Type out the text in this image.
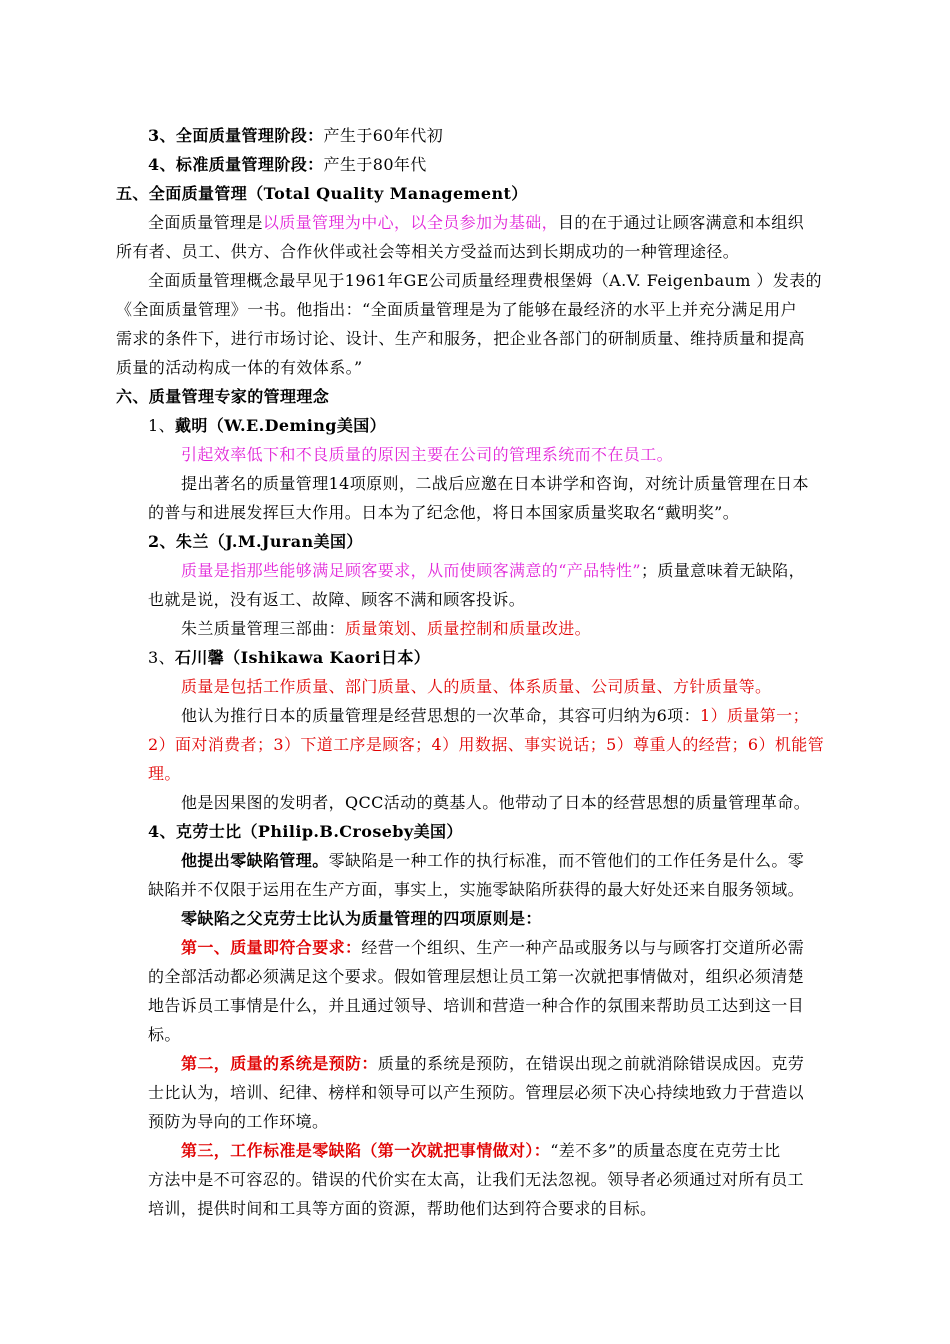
3、全面质量管理阶段：产生于60年代初
4、标准质量管理阶段：产生于80年代
五、全面质量管理（Total Quality Management）
全面质量管理是以质量管理为中心，以全员参加为基础，目的在于通过让顾客满意和本组织
所有者、员工、供方、合作伙伴或社会等相关方受益而达到长期成功的一种管理途径。
全面质量管理概念最早见于1961年GE公司质量经理费根堡姆（A.V. Feigenbaum ）发表的
《全面质量管理》一书。他指出：“全面质量管理是为了能够在最经济的水平上并充分满足用户
需求的条件下，进行市场讨论、设计、生产和服务，把企业各部门的研制质量、维持质量和提高
质量的活动构成一体的有效体系。”
六、质量管理专家的管理理念
1、戴明（W.E.Deming美国）
引起效率低下和不良质量的原因主要在公司的管理系统而不在员工。
提出著名的质量管理14项原则，二战后应邀在日本讲学和咨询，对统计质量管理在日本
的普与和进展发挥巨大作用。日本为了纪念他，将日本国家质量奖取名“戴明奖”。
2、朱兰（J.M.Juran美国）
质量是指那些能够满足顾客要求，从而使顾客满意的“产品特性”；质量意味着无缺陷，
也就是说，没有返工、故障、顾客不满和顾客投诉。
朱兰质量管理三部曲：质量策划、质量控制和质量改进。
3、石川馨（Ishikawa Kaori日本）
质量是包括工作质量、部门质量、人的质量、体系质量、公司质量、方针质量等。
他认为推行日本的质量管理是经营思想的一次革命，其容可归纳为6项：1）质量第一；
2）面对消费者；3）下道工序是顾客；4）用数据、事实说话；5）尊重人的经营；6）机能管
理。
他是因果图的发明者，QCC活动的奠基人。他带动了日本的经营思想的质量管理革命。
4、克劳士比（Philip.B.Croseby美国）
他提出零缺陷管理。零缺陷是一种工作的执行标准，而不管他们的工作任务是什么。零
缺陷并不仅限于运用在生产方面，事实上，实施零缺陷所获得的最大好处还来自服务领域。
零缺陷之父克劳士比认为质量管理的四项原则是：
第一、质量即符合要求：经营一个组织、生产一种产品或服务以与与顾客打交道所必需
的全部活动都必须满足这个要求。假如管理层想让员工第一次就把事情做对，组织必须清楚
地告诉员工事情是什么，并且通过领导、培训和营造一种合作的氛围来帮助员工达到这一目
标。
第二，质量的系统是预防：质量的系统是预防，在错误出现之前就消除错误成因。克劳
士比认为，培训、纪律、榜样和领导可以产生预防。管理层必须下决心持续地致力于营造以
预防为导向的工作环境。
第三，工作标准是零缺陷（第一次就把事情做对）：“差不多”的质量态度在克劳士比
方法中是不可容忍的。错误的代价实在太高，让我们无法忽视。领导者必须通过对所有员工
培训，提供时间和工具等方面的资源，帮助他们达到符合要求的目标。
